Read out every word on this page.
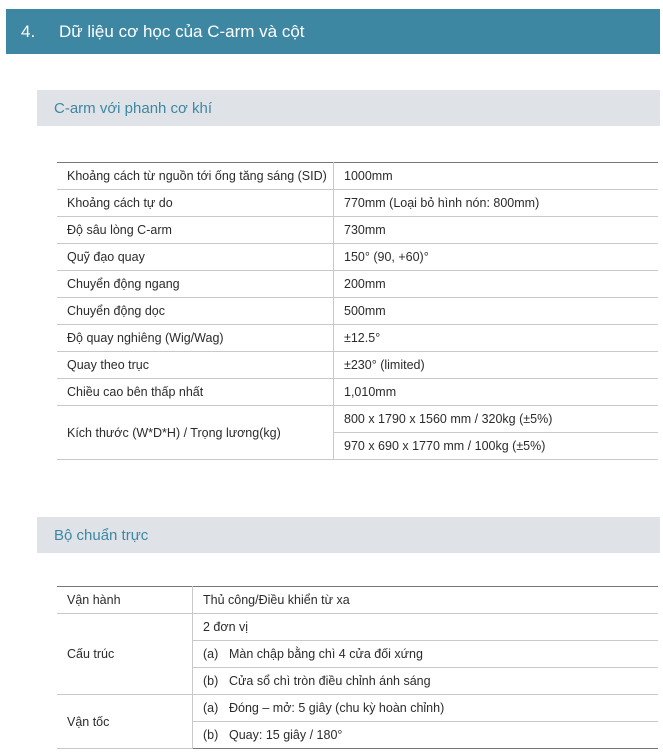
4.	Dữ liệu cơ học của C-arm và cột
C-arm với phanh cơ khí
Khoảng cách từ nguồn tới ống tăng sáng (SID)	1000mm
Khoảng cách tự do	770mm (Loại bỏ hình nón: 800mm)
Độ sâu lòng C-arm	730mm
Quỹ đạo quay	150° (90, +60)°
Chuyển động ngang	200mm
Chuyển động dọc	500mm
Độ quay nghiêng (Wig/Wag)	±12.5°
Quay theo trục	±230° (limited)
Chiều cao bên thấp nhất	1,010mm
Kích thước (W*D*H) / Trọng lương(kg)	800 x 1790 x 1560 mm / 320kg (±5%)
	970 x 690 x 1770 mm / 100kg (±5%)
Bộ chuẩn trực
Vận hành	Thủ công/Điều khiển từ xa
Cấu trúc	2 đơn vị
	(a) Màn chập bằng chì 4 cửa đối xứng
	(b) Cửa sổ chì tròn điều chỉnh ánh sáng
Vận tốc	(a) Đóng – mở: 5 giây (chu kỳ hoàn chỉnh)
	(b) Quay: 15 giây / 180°
